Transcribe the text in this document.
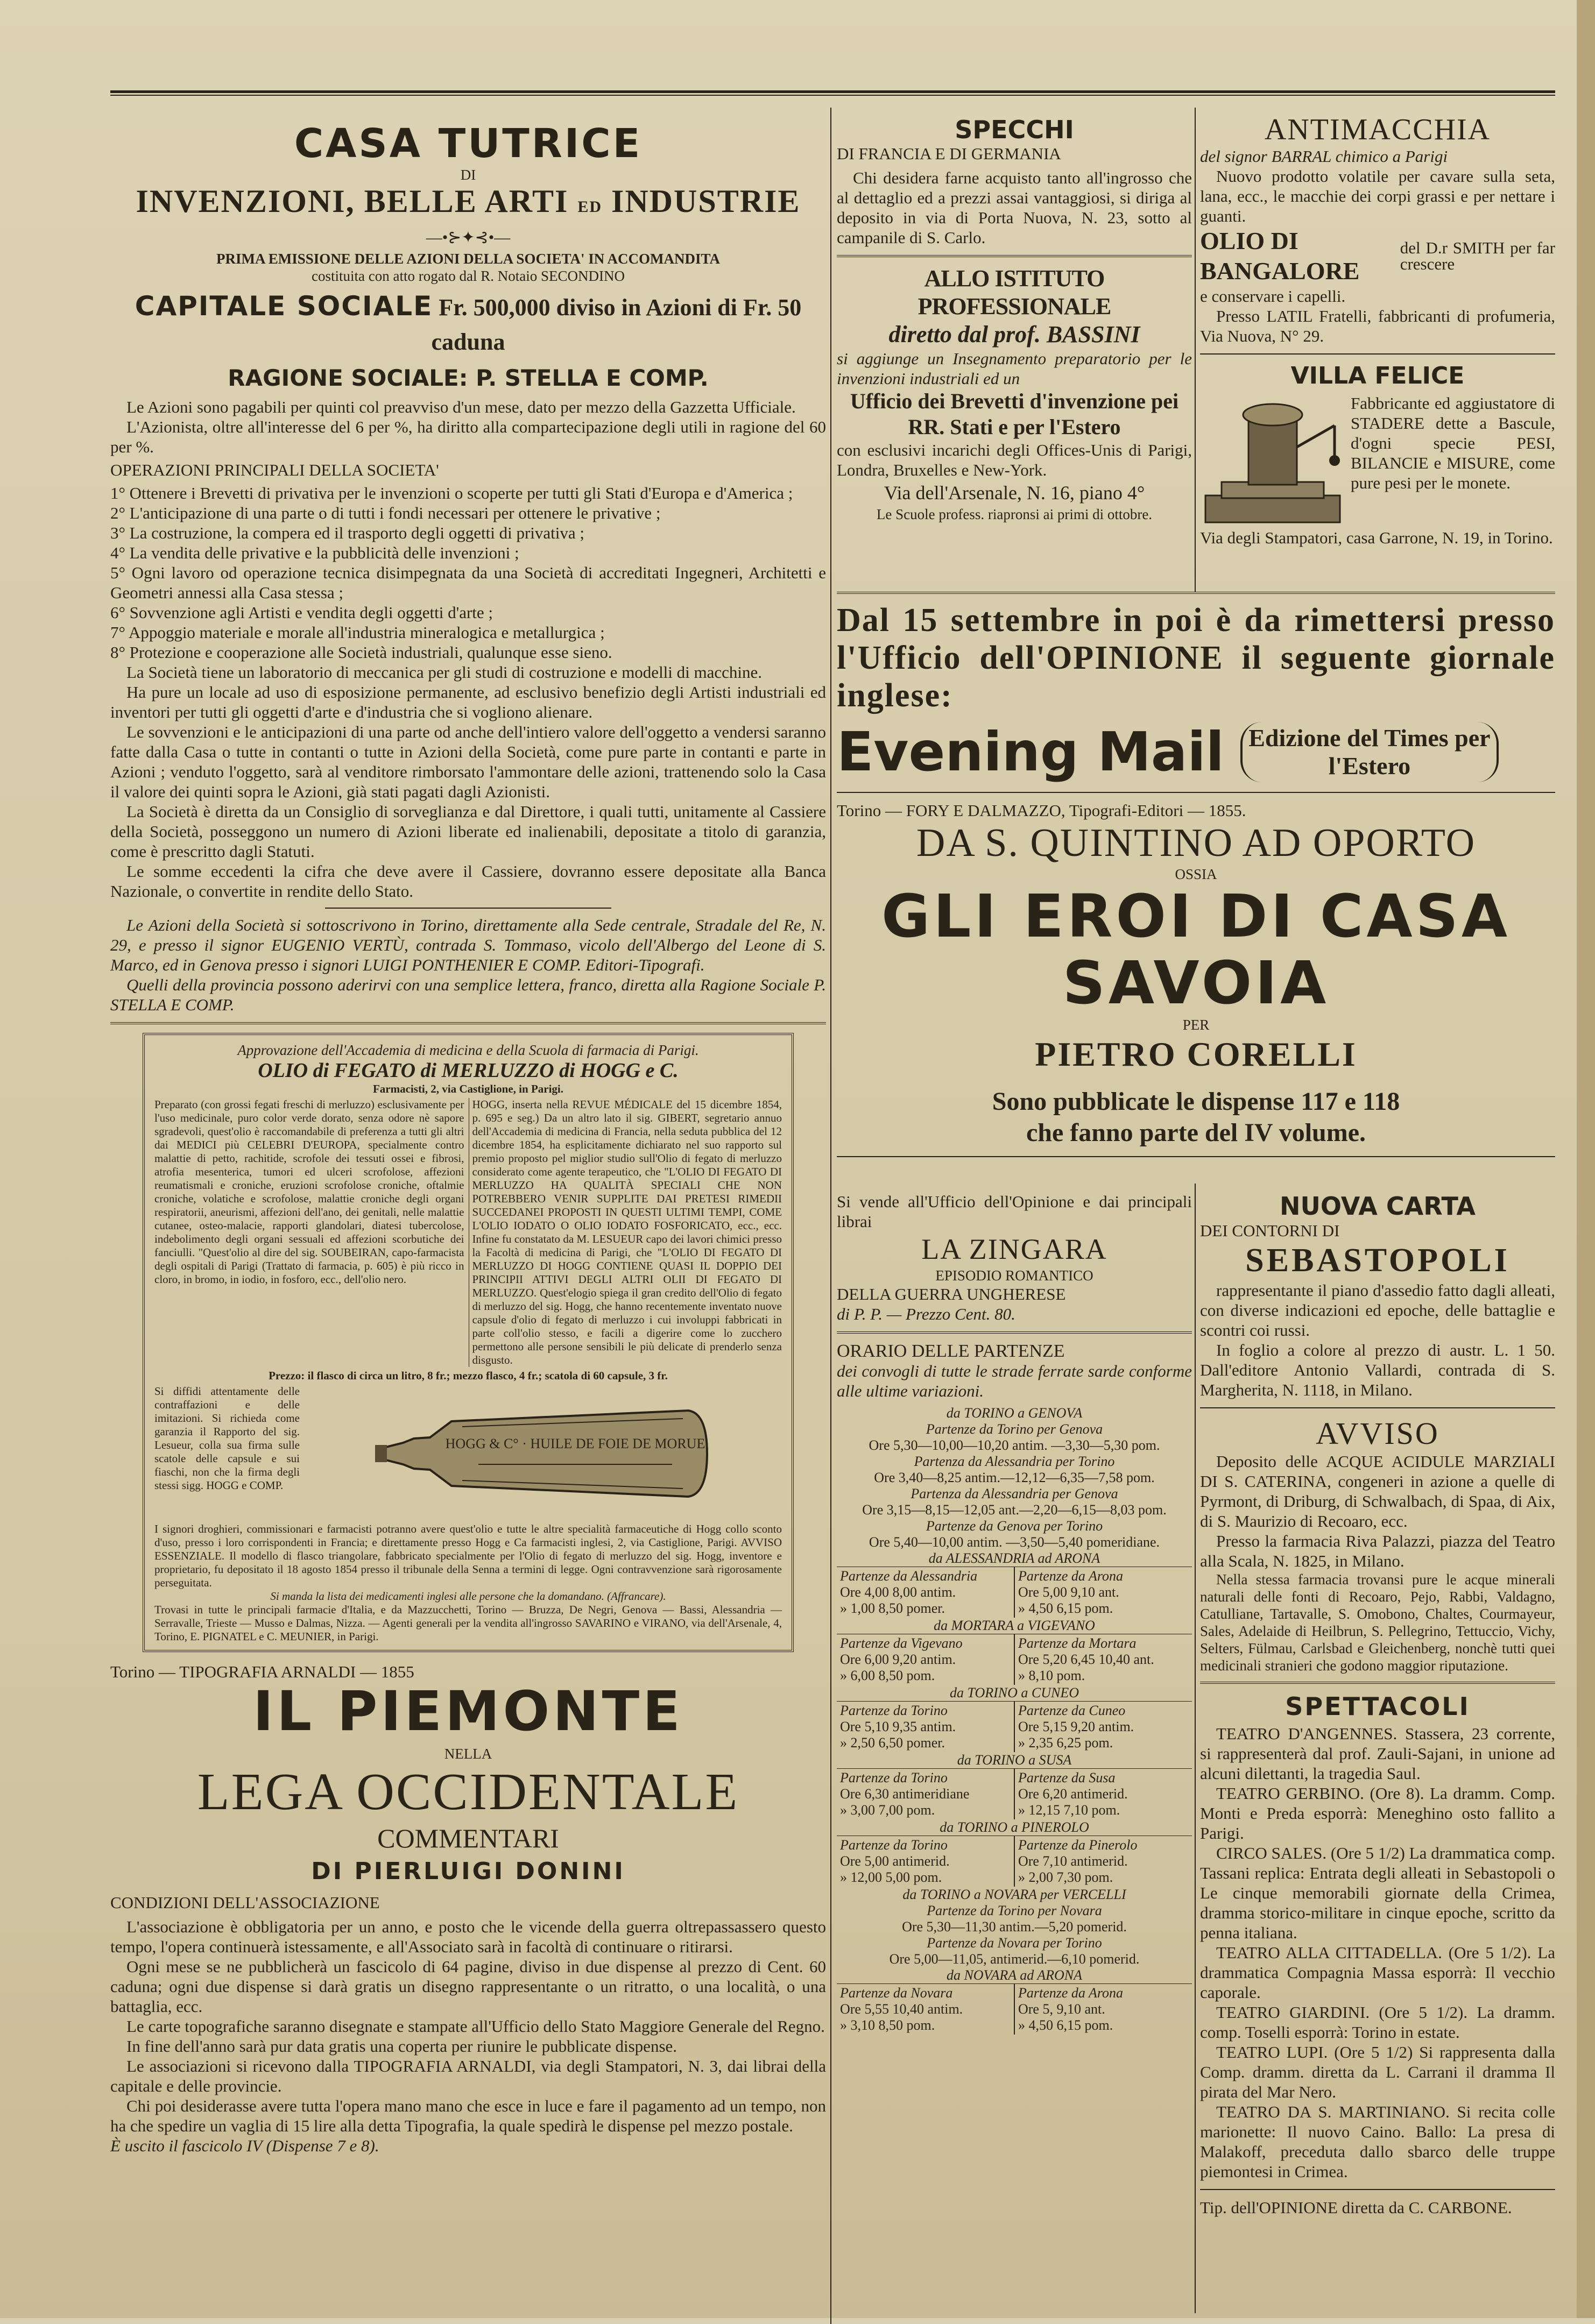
CASA TUTRICE
DI
INVENZIONI, BELLE ARTI ED INDUSTRIE
—•⊱✦⊰•—
PRIMA EMISSIONE DELLE AZIONI DELLA SOCIETA' IN ACCOMANDITA
costituita con atto rogato dal R. Notaio SECONDINO
CAPITALE SOCIALE Fr. 500,000 diviso in Azioni di Fr. 50 caduna
RAGIONE SOCIALE: P. STELLA E COMP.

Le Azioni sono pagabili per quinti col preavviso d'un mese, dato per mezzo della Gazzetta Ufficiale.

L'Azionista, oltre all'interesse del 6 per %, ha diritto alla compartecipazione degli utili in ragione del 60 per %.

OPERAZIONI PRINCIPALI DELLA SOCIETA'
1° Ottenere i Brevetti di privativa per le invenzioni o scoperte per tutti gli Stati d'Europa e d'America ;
2° L'anticipazione di una parte o di tutti i fondi necessari per ottenere le privative ;
3° La costruzione, la compera ed il trasporto degli oggetti di privativa ;
4° La vendita delle privative e la pubblicità delle invenzioni ;
5° Ogni lavoro od operazione tecnica disimpegnata da una Società di accreditati Ingegneri, Architetti e Geometri annessi alla Casa stessa ;
6° Sovvenzione agli Artisti e vendita degli oggetti d'arte ;
7° Appoggio materiale e morale all'industria mineralogica e metallurgica ;
8° Protezione e cooperazione alle Società industriali, qualunque esse sieno.

La Società tiene un laboratorio di meccanica per gli studi di costruzione e modelli di macchine.

Ha pure un locale ad uso di esposizione permanente, ad esclusivo benefizio degli Artisti industriali ed inventori per tutti gli oggetti d'arte e d'industria che si vogliono alienare.

Le sovvenzioni e le anticipazioni di una parte od anche dell'intiero valore dell'oggetto a vendersi saranno fatte dalla Casa o tutte in contanti o tutte in Azioni della Società, come pure parte in contanti e parte in Azioni ; venduto l'oggetto, sarà al venditore rimborsato l'ammontare delle azioni, trattenendo solo la Casa il valore dei quinti sopra le Azioni, già stati pagati dagli Azionisti.

La Società è diretta da un Consiglio di sorveglianza e dal Direttore, i quali tutti, unitamente al Cassiere della Società, posseggono un numero di Azioni liberate ed inalienabili, depositate a titolo di garanzia, come è prescritto dagli Statuti.

Le somme eccedenti la cifra che deve avere il Cassiere, dovranno essere depositate alla Banca Nazionale, o convertite in rendite dello Stato.

Le Azioni della Società si sottoscrivono in Torino, direttamente alla Sede centrale, Stradale del Re, N. 29, e presso il signor EUGENIO VERTÙ, contrada S. Tommaso, vicolo dell'Albergo del Leone di S. Marco, ed in Genova presso i signori LUIGI PONTHENIER E COMP. Editori-Tipografi.

Quelli della provincia possono aderirvi con una semplice lettera, franco, diretta alla Ragione Sociale P. STELLA E COMP.

Approvazione dell'Accademia di medicina e della Scuola di farmacia di Parigi.
OLIO di FEGATO di MERLUZZO di HOGG e C.
Farmacisti, 2, via Castiglione, in Parigi.
Preparato (con grossi fegati freschi di merluzzo) esclusivamente per l'uso medicinale, puro color verde dorato, senza odore nè sapore sgradevoli, quest'olio è raccomandabile di preferenza a tutti gli altri dai MEDICI più CELEBRI D'EUROPA, specialmente contro malattie di petto, rachitide, scrofole dei tessuti ossei e fibrosi, atrofia mesenterica, tumori ed ulceri scrofolose, affezioni reumatismali e croniche, eruzioni scrofolose croniche, oftalmie croniche, volatiche e scrofolose, malattie croniche degli organi respiratorii, aneurismi, affezioni dell'ano, dei genitali, nelle malattie cutanee, osteo-malacie, rapporti glandolari, diatesi tubercolose, indebolimento degli organi sessuali ed affezioni scorbutiche dei fanciulli. "Quest'olio al dire del sig. SOUBEIRAN, capo-farmacista degli ospitali di Parigi (Trattato di farmacia, p. 605) è più ricco in cloro, in bromo, in iodio, in fosforo, ecc., dell'olio nero.
HOGG, inserta nella REVUE MÉDICALE del 15 dicembre 1854, p. 695 e seg.) Da un altro lato il sig. GIBERT, segretario annuo dell'Accademia di medicina di Francia, nella seduta pubblica del 12 dicembre 1854, ha esplicitamente dichiarato nel suo rapporto sul premio proposto pel miglior studio sull'Olio di fegato di merluzzo considerato come agente terapeutico, che "L'OLIO DI FEGATO DI MERLUZZO HA QUALITÀ SPECIALI CHE NON POTREBBERO VENIR SUPPLITE DAI PRETESI RIMEDII SUCCEDANEI PROPOSTI IN QUESTI ULTIMI TEMPI, COME L'OLIO IODATO O OLIO IODATO FOSFORICATO, ecc., ecc. Infine fu constatato da M. LESUEUR capo dei lavori chimici presso la Facoltà di medicina di Parigi, che "L'OLIO DI FEGATO DI MERLUZZO DI HOGG CONTIENE QUASI IL DOPPIO DEI PRINCIPII ATTIVI DEGLI ALTRI OLII DI FEGATO DI MERLUZZO. Quest'elogio spiega il gran credito dell'Olio di fegato di merluzzo del sig. Hogg, che hanno recentemente inventato nuove capsule d'olio di fegato di merluzzo i cui involuppi fabbricati in parte coll'olio stesso, e facili a digerire come lo zucchero permettono alle persone sensibili le più delicate di prenderlo senza disgusto.
Prezzo: il flasco di circa un litro, 8 fr.; mezzo flasco, 4 fr.; scatola di 60 capsule, 3 fr.
Si diffidi attentamente delle contraffazioni e delle imitazioni. Si richieda come garanzia il Rapporto del sig. Lesueur, colla sua firma sulle scatole delle capsule e sui fiaschi, non che la firma degli stessi sigg. HOGG e COMP.
HOGG & C° · HUILE DE FOIE DE MORUE
I signori droghieri, commissionari e farmacisti potranno avere quest'olio e tutte le altre specialità farmaceutiche di Hogg collo sconto d'uso, presso i loro corrispondenti in Francia; e direttamente presso Hogg e Ca farmacisti inglesi, 2, via Castiglione, Parigi. AVVISO ESSENZIALE. Il modello di flasco triangolare, fabbricato specialmente per l'Olio di fegato di merluzzo del sig. Hogg, inventore e proprietario, fu depositato il 18 agosto 1854 presso il tribunale della Senna a termini di legge. Ogni contravvenzione sarà rigorosamente perseguitata.
Si manda la lista dei medicamenti inglesi alle persone che la domandano. (Affrancare).
Trovasi in tutte le principali farmacie d'Italia, e da Mazzucchetti, Torino — Bruzza, De Negri, Genova — Bassi, Alessandria — Serravalle, Trieste — Musso e Dalmas, Nizza. — Agenti generali per la vendita all'ingrosso SAVARINO e VIRANO, via dell'Arsenale, 4, Torino, E. PIGNATEL e C. MEUNIER, in Parigi.
Torino — TIPOGRAFIA ARNALDI — 1855
IL PIEMONTE
NELLA
LEGA OCCIDENTALE
COMMENTARI
DI PIERLUIGI DONINI
CONDIZIONI DELL'ASSOCIAZIONE

L'associazione è obbligatoria per un anno, e posto che le vicende della guerra oltrepassassero questo tempo, l'opera continuerà istessamente, e all'Associato sarà in facoltà di continuare o ritirarsi.

Ogni mese se ne pubblicherà un fascicolo di 64 pagine, diviso in due dispense al prezzo di Cent. 60 caduna; ogni due dispense si darà gratis un disegno rappresentante o un ritratto, o una località, o una battaglia, ecc.

Le carte topografiche saranno disegnate e stampate all'Ufficio dello Stato Maggiore Generale del Regno.

In fine dell'anno sarà pur data gratis una coperta per riunire le pubblicate dispense.

Le associazioni si ricevono dalla TIPOGRAFIA ARNALDI, via degli Stampatori, N. 3, dai librai della capitale e delle provincie.

Chi poi desiderasse avere tutta l'opera mano mano che esce in luce e fare il pagamento ad un tempo, non ha che spedire un vaglia di 15 lire alla detta Tipografia, la quale spedirà le dispense pel mezzo postale.

È uscito il fascicolo IV (Dispense 7 e 8).
SPECCHI
DI FRANCIA E DI GERMANIA

Chi desidera farne acquisto tanto all'ingrosso che al dettaglio ed a prezzi assai vantaggiosi, si diriga al deposito in via di Porta Nuova, N. 23, sotto al campanile di S. Carlo.

ALLO ISTITUTO PROFESSIONALE
diretto dal prof. BASSINI
si aggiunge un Insegnamento preparatorio per le invenzioni industriali ed un
Ufficio dei Brevetti d'invenzione pei RR. Stati e per l'Estero
con esclusivi incarichi degli Offices-Unis di Parigi, Londra, Bruxelles e New-York.
Via dell'Arsenale, N. 16, piano 4°
Le Scuole profess. riapronsi ai primi di ottobre.
ANTIMACCHIA
del signor BARRAL chimico a Parigi

Nuovo prodotto volatile per cavare sulla seta, lana, ecc., le macchie dei corpi grassi e per nettare i guanti.

OLIO DI BANGALORE
del D.r SMITH per far crescere

e conservare i capelli.

Presso LATIL Fratelli, fabbricanti di profumeria, Via Nuova, N° 29.

VILLA FELICE

Fabbricante ed aggiustatore di STADERE dette a Bascule, d'ogni specie PESI, BILANCIE e MISURE, come pure pesi per le monete.

Via degli Stampatori, casa Garrone, N. 19, in Torino.
Dal 15 settembre in poi è da rimettersi presso l'Ufficio dell'OPINIONE il seguente giornale inglese:
Evening Mail Edizione del Times per l'Estero
Torino — FORY E DALMAZZO, Tipografi-Editori — 1855.
DA S. QUINTINO AD OPORTO
OSSIA
GLI EROI DI CASA SAVOIA
PER
PIETRO CORELLI
Sono pubblicate le dispense 117 e 118
che fanno parte del IV volume.

Si vende all'Ufficio dell'Opinione e dai principali librai

LA ZINGARA
EPISODIO ROMANTICO
DELLA GUERRA UNGHERESE
di P. P. — Prezzo Cent. 80.
ORARIO DELLE PARTENZE
dei convogli di tutte le strade ferrate sarde conforme alle ultime variazioni.
da TORINO a GENOVA
Partenze da Torino per Genova
Ore 5,30—10,00—10,20 antim. —3,30—5,30 pom.
Partenza da Alessandria per Torino
Ore 3,40—8,25 antim.—12,12—6,35—7,58 pom.
Partenza da Alessandria per Genova
Ore 3,15—8,15—12,05 ant.—2,20—6,15—8,03 pom.
Partenze da Genova per Torino
Ore 5,40—10,00 antim. —3,50—5,40 pomeridiane.
da ALESSANDRIA ad ARONA
Partenze da Alessandria
Ore 4,00 8,00 antim.
» 1,00 8,50 pomer.
Partenze da Arona
Ore 5,00 9,10 ant.
» 4,50 6,15 pom.
da MORTARA a VIGEVANO
Partenze da Vigevano
Ore 6,00 9,20 antim.
» 6,00 8,50 pom.
Partenze da Mortara
Ore 5,20 6,45 10,40 ant.
» 8,10 pom.
da TORINO a CUNEO
Partenze da Torino
Ore 5,10 9,35 antim.
» 2,50 6,50 pomer.
Partenze da Cuneo
Ore 5,15 9,20 antim.
» 2,35 6,25 pom.
da TORINO a SUSA
Partenze da Torino
Ore 6,30 antimeridiane
» 3,00 7,00 pom.
Partenze da Susa
Ore 6,20 antimerid.
» 12,15 7,10 pom.
da TORINO a PINEROLO
Partenze da Torino
Ore 5,00 antimerid.
» 12,00 5,00 pom.
Partenze da Pinerolo
Ore 7,10 antimerid.
» 2,00 7,30 pom.
da TORINO a NOVARA per VERCELLI
Partenze da Torino per Novara
Ore 5,30—11,30 antim.—5,20 pomerid.
Partenze da Novara per Torino
Ore 5,00—11,05, antimerid.—6,10 pomerid.
da NOVARA ad ARONA
Partenze da Novara
Ore 5,55 10,40 antim.
» 3,10 8,50 pom.
Partenze da Arona
Ore 5, 9,10 ant.
» 4,50 6,15 pom.
NUOVA CARTA
DEI CONTORNI DI
SEBASTOPOLI

rappresentante il piano d'assedio fatto dagli alleati, con diverse indicazioni ed epoche, delle battaglie e scontri coi russi.

In foglio a colore al prezzo di austr. L. 1 50. Dall'editore Antonio Vallardi, contrada di S. Margherita, N. 1118, in Milano.

AVVISO

Deposito delle ACQUE ACIDULE MARZIALI DI S. CATERINA, congeneri in azione a quelle di Pyrmont, di Driburg, di Schwalbach, di Spaa, di Aix, di S. Maurizio di Recoaro, ecc.

Presso la farmacia Riva Palazzi, piazza del Teatro alla Scala, N. 1825, in Milano.

Nella stessa farmacia trovansi pure le acque minerali naturali delle fonti di Recoaro, Pejo, Rabbi, Valdagno, Catulliane, Tartavalle, S. Omobono, Chaltes, Courmayeur, Sales, Adelaide di Heilbrun, S. Pellegrino, Tettuccio, Vichy, Selters, Fülmau, Carlsbad e Gleichenberg, nonchè tutti quei medicinali stranieri che godono maggior riputazione.

SPETTACOLI

TEATRO D'ANGENNES. Stassera, 23 corrente, si rappresenterà dal prof. Zauli-Sajani, in unione ad alcuni dilettanti, la tragedia Saul.

TEATRO GERBINO. (Ore 8). La dramm. Comp. Monti e Preda esporrà: Meneghino osto fallito a Parigi.

CIRCO SALES. (Ore 5 1/2) La drammatica comp. Tassani replica: Entrata degli alleati in Sebastopoli o Le cinque memorabili giornate della Crimea, dramma storico-militare in cinque epoche, scritto da penna italiana.

TEATRO ALLA CITTADELLA. (Ore 5 1/2). La drammatica Compagnia Massa esporrà: Il vecchio caporale.

TEATRO GIARDINI. (Ore 5 1/2). La dramm. comp. Toselli esporrà: Torino in estate.

TEATRO LUPI. (Ore 5 1/2) Si rappresenta dalla Comp. dramm. diretta da L. Carrani il dramma Il pirata del Mar Nero.

TEATRO DA S. MARTINIANO. Si recita colle marionette: Il nuovo Caino. Ballo: La presa di Malakoff, preceduta dallo sbarco delle truppe piemontesi in Crimea.

Tip. dell'OPINIONE diretta da C. CARBONE.
